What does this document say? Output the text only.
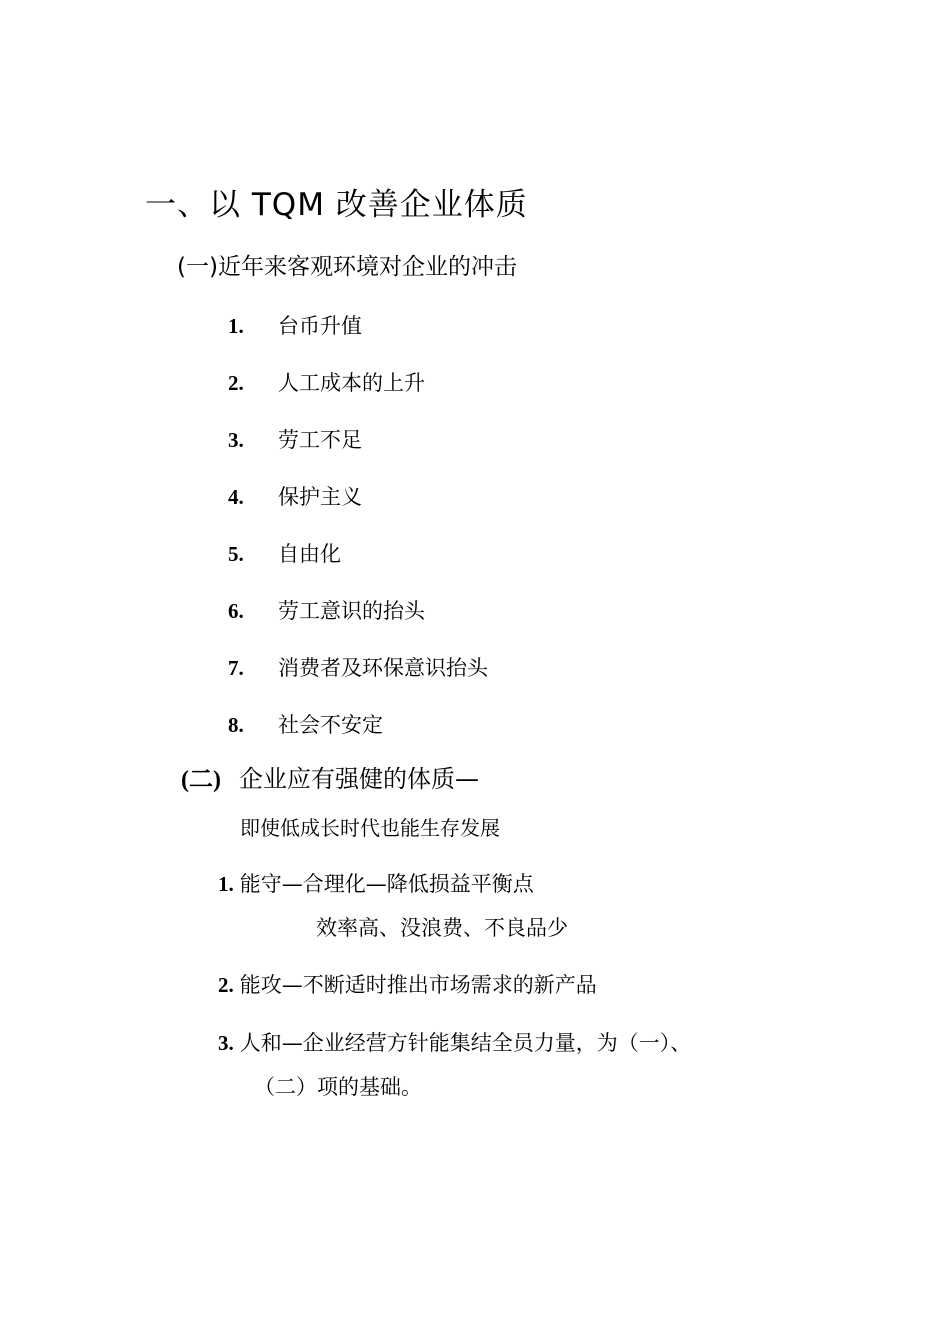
一、以 TQM 改善企业体质
(一)近年来客观环境对企业的冲击
1. 台币升值
2. 人工成本的上升
3. 劳工不足
4. 保护主义
5. 自由化
6. 劳工意识的抬头
7. 消费者及环保意识抬头
8. 社会不安定
(二) 企业应有强健的体质—
即使低成长时代也能生存发展
1. 能守—合理化—降低损益平衡点
效率高、没浪费、不良品少
2. 能攻—不断适时推出市场需求的新产品
3. 人和—企业经营方针能集结全员力量，为（一）、
（二）项的基础。
